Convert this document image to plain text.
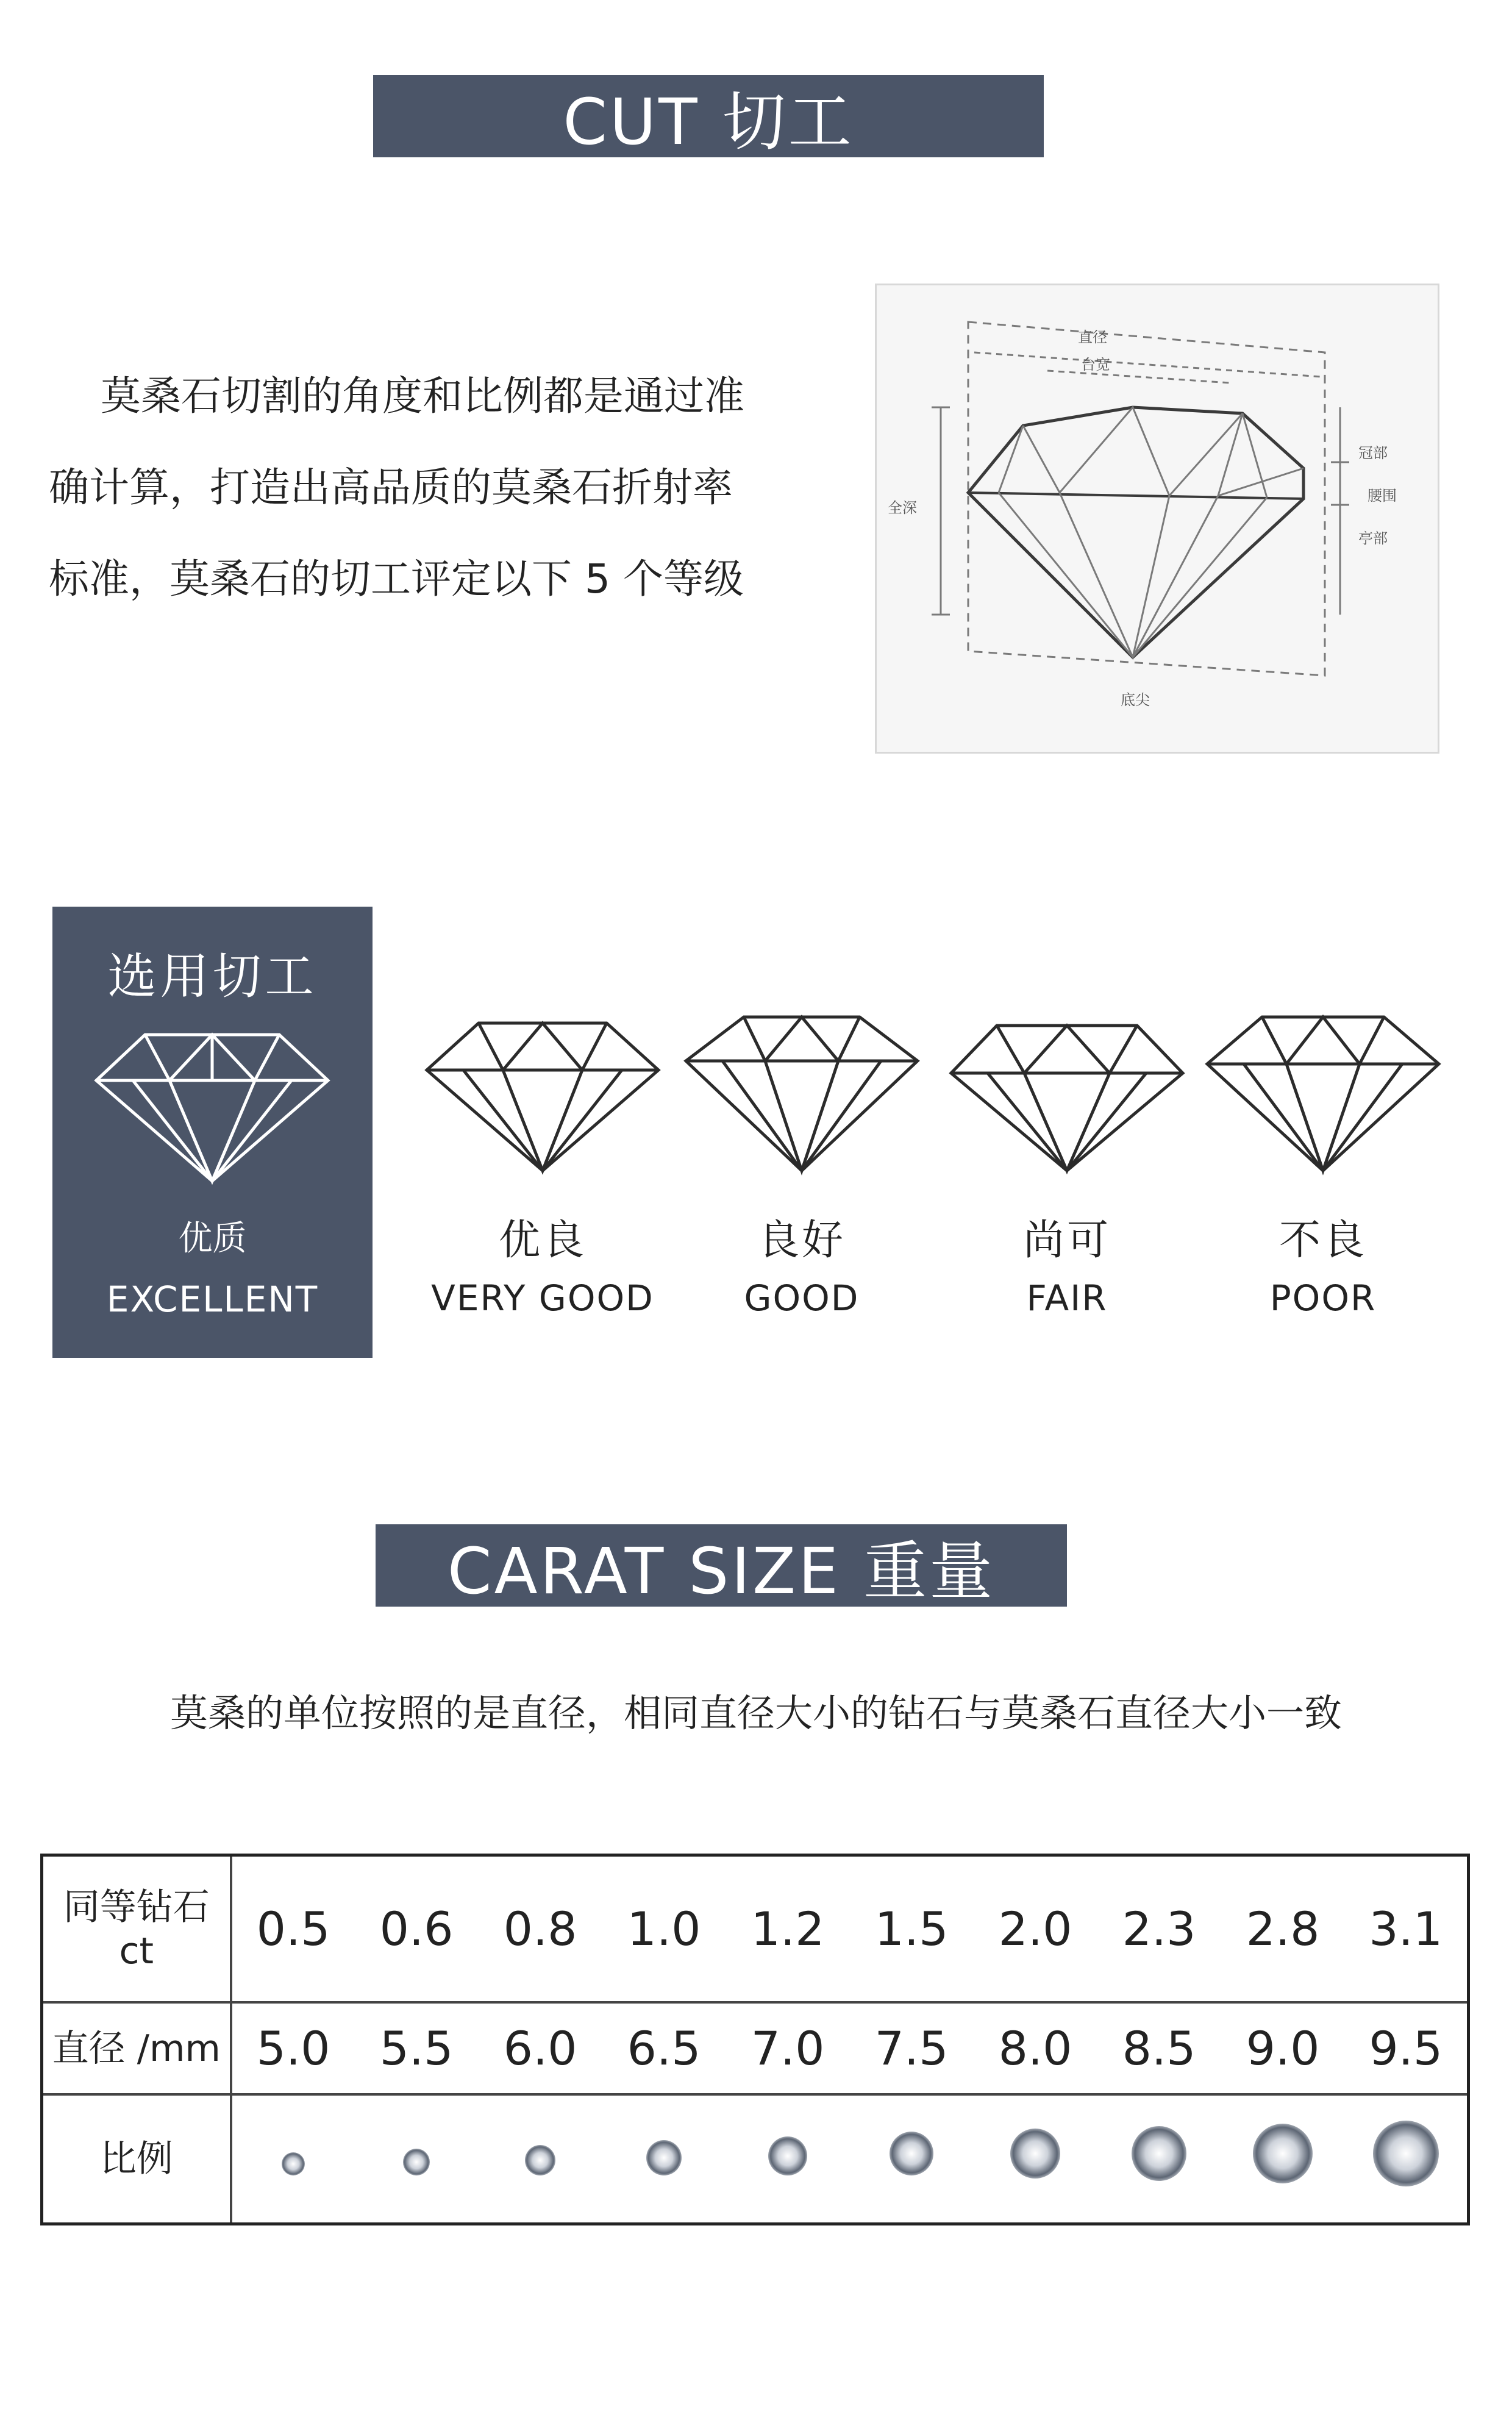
CUT 切工
莫桑石切割的角度和比例都是通过准
确计算，打造出高品质的莫桑石折射率
标准，莫桑石的切工评定以下 5 个等级
直径
台宽
全深
冠部
腰围
亭部
底尖
选用切工
优质
EXCELLENT
优良
VERY GOOD
良好
GOOD
尚可
FAIR
不良
POOR
CARAT SIZE 重量
莫桑的单位按照的是直径，相同直径大小的钻石与莫桑石直径大小一致
同等钻石
ct	0.5	0.6	0.8	1.0	1.2	1.5	2.0	2.3	2.8	3.1
直径 /mm	5.0	5.5	6.0	6.5	7.0	7.5	8.0	8.5	9.0	9.5
比例										
